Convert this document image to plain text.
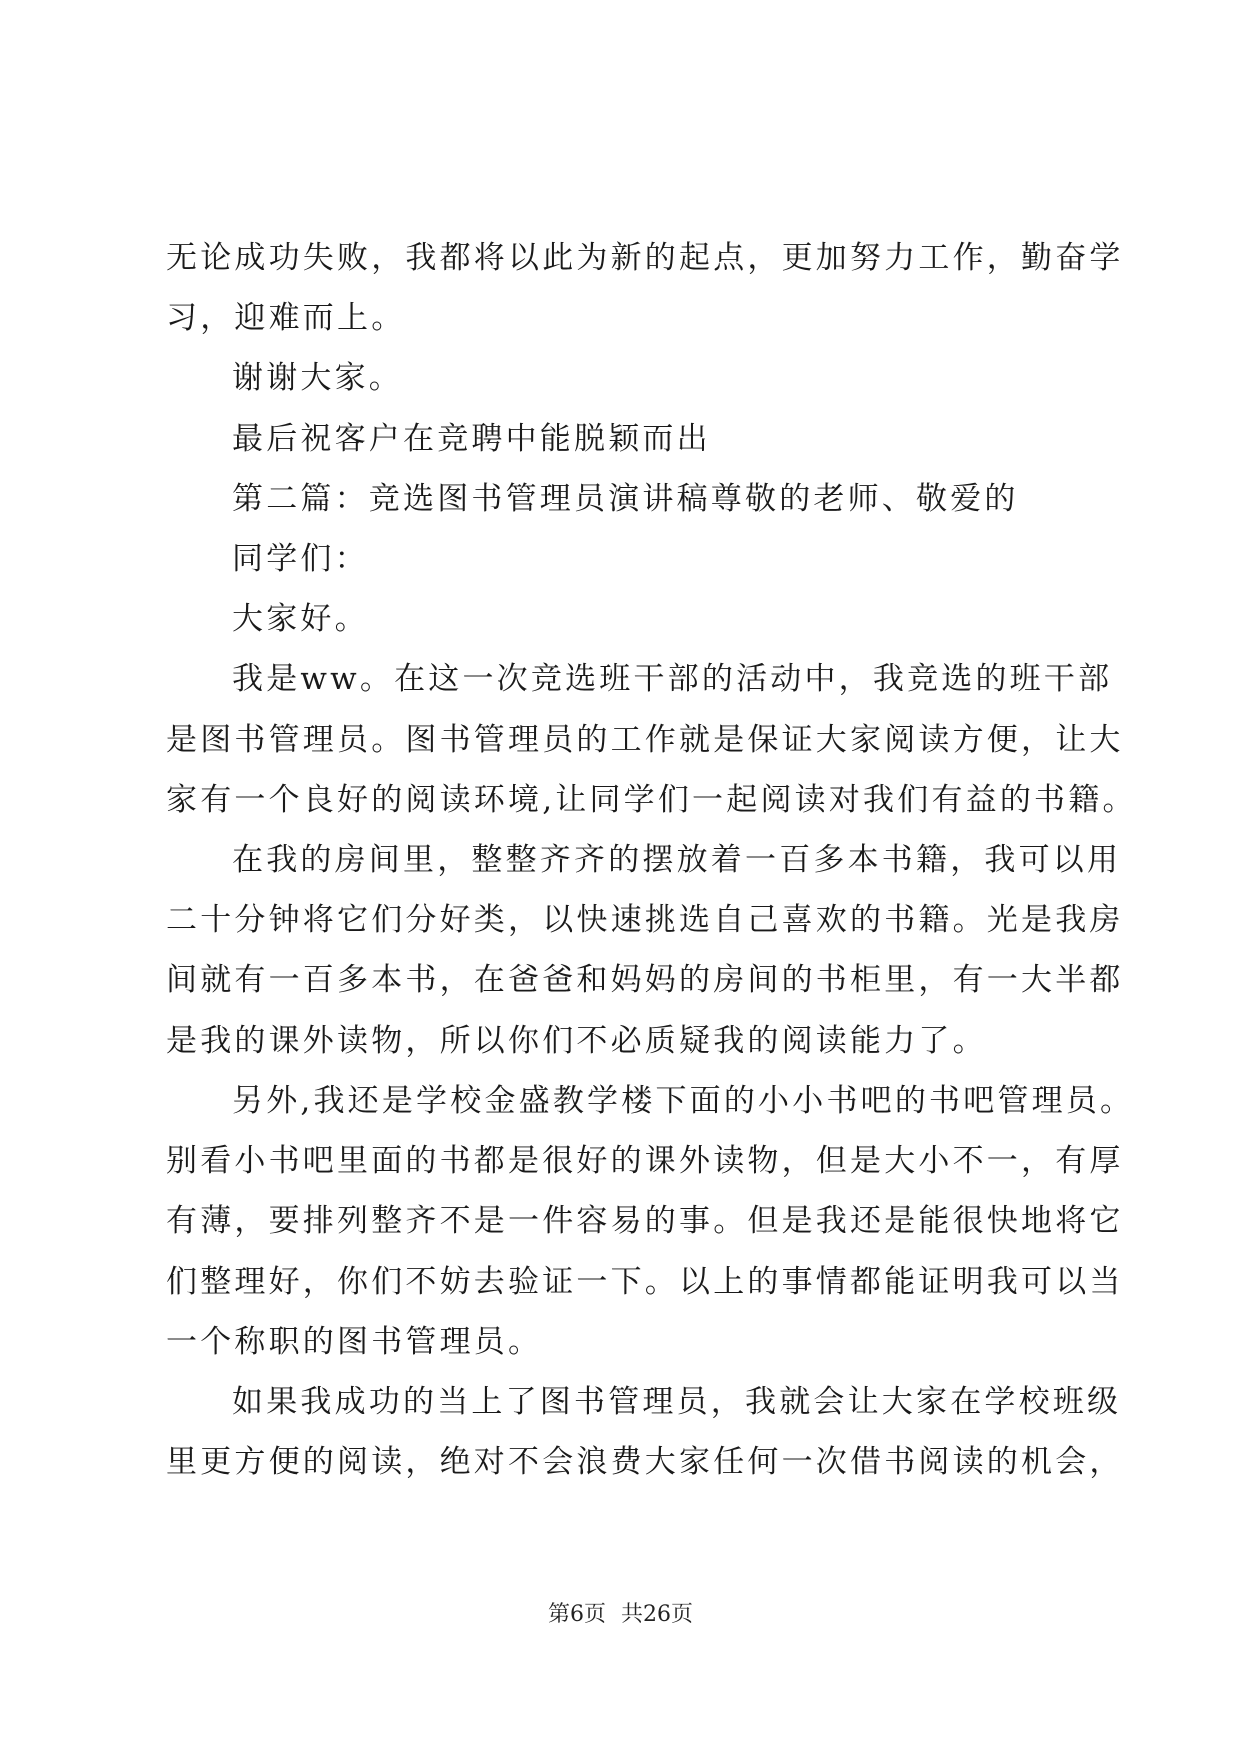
无论成功失败，我都将以此为新的起点，更加努力工作，勤奋学
习，迎难而上。
谢谢大家。
最后祝客户在竞聘中能脱颖而出
第二篇：竞选图书管理员演讲稿尊敬的老师、敬爱的
同学们：
大家好。
我是ww。在这一次竞选班干部的活动中，我竞选的班干部
是图书管理员。图书管理员的工作就是保证大家阅读方便，让大
家有一个良好的阅读环境,让同学们一起阅读对我们有益的书籍。
在我的房间里，整整齐齐的摆放着一百多本书籍，我可以用
二十分钟将它们分好类，以快速挑选自己喜欢的书籍。光是我房
间就有一百多本书，在爸爸和妈妈的房间的书柜里，有一大半都
是我的课外读物，所以你们不必质疑我的阅读能力了。
另外,我还是学校金盛教学楼下面的小小书吧的书吧管理员。
别看小书吧里面的书都是很好的课外读物，但是大小不一，有厚
有薄，要排列整齐不是一件容易的事。但是我还是能很快地将它
们整理好，你们不妨去验证一下。以上的事情都能证明我可以当
一个称职的图书管理员。
如果我成功的当上了图书管理员，我就会让大家在学校班级
里更方便的阅读，绝对不会浪费大家任何一次借书阅读的机会，
第6页 共26页
